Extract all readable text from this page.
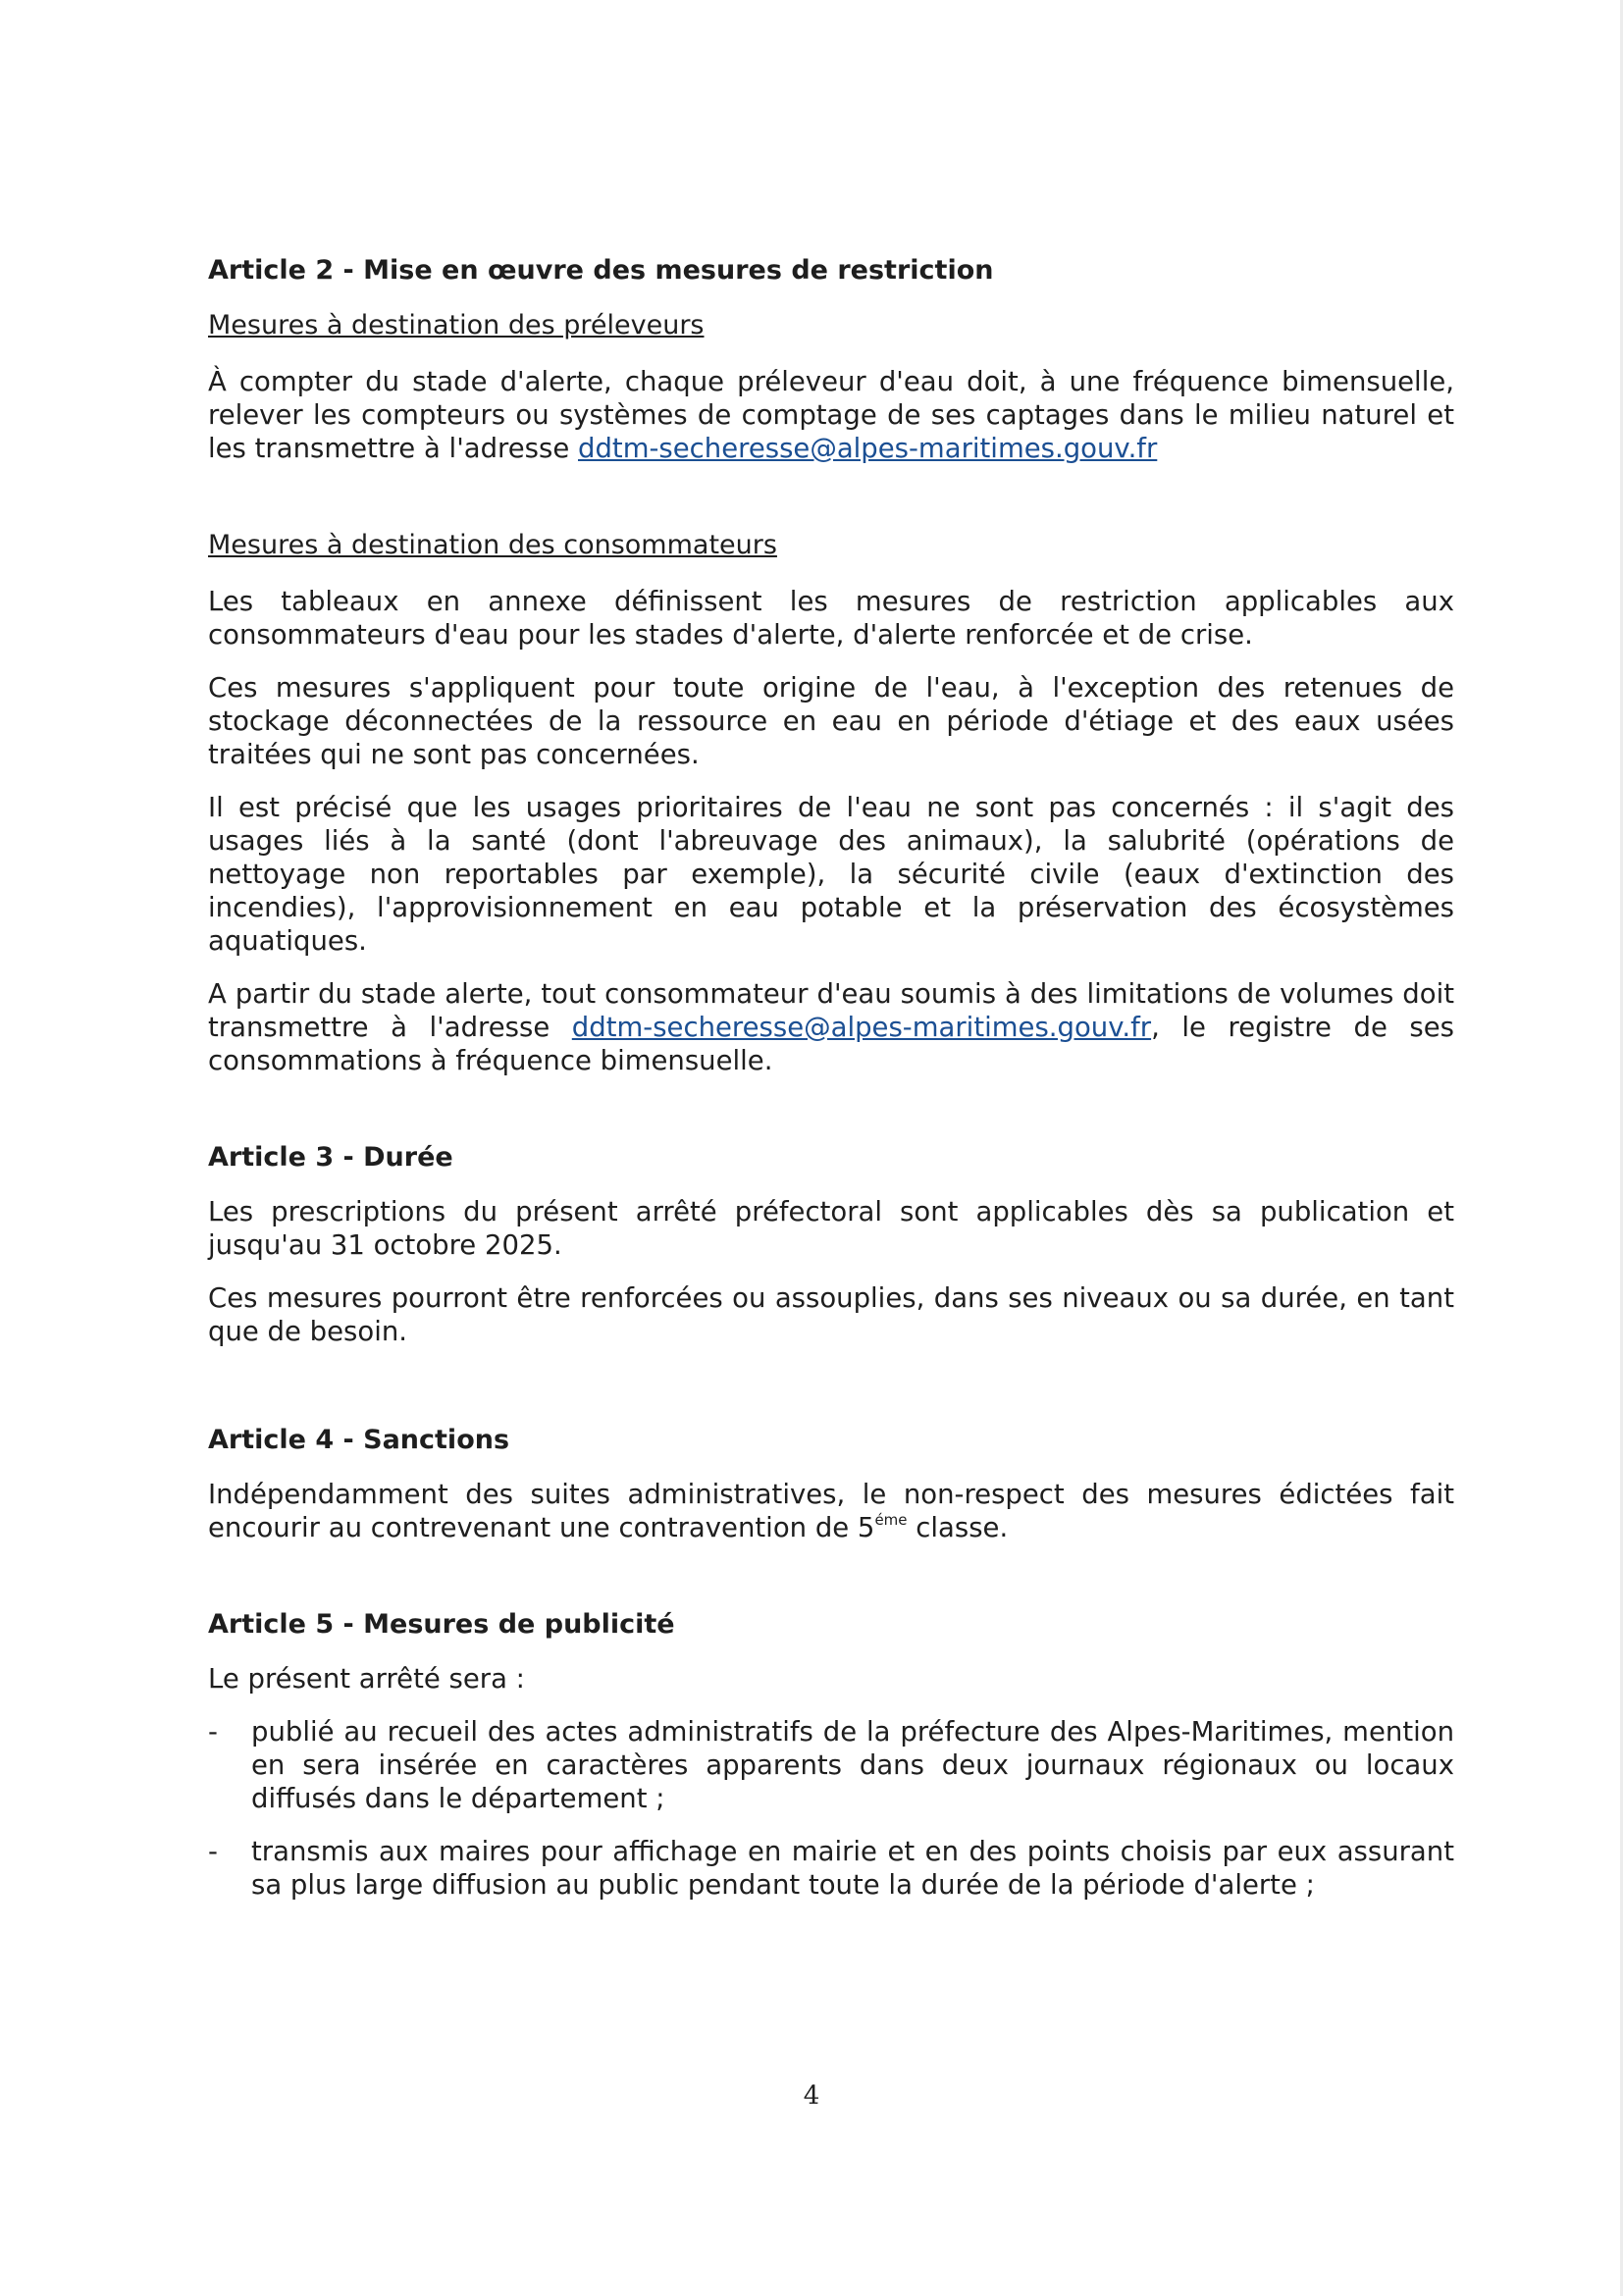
Article 2 - Mise en œuvre des mesures de restriction
Mesures à destination des préleveurs

À compter du stade d'alerte, chaque préleveur d'eau doit, à une fréquence bimensuelle, relever les compteurs ou systèmes de comptage de ses captages dans le milieu naturel et les transmettre à l'adresse ddtm-secheresse@alpes-maritimes.gouv.fr

Mesures à destination des consommateurs

Les tableaux en annexe définissent les mesures de restriction applicables aux consommateurs d'eau pour les stades d'alerte, d'alerte renforcée et de crise.

Ces mesures s'appliquent pour toute origine de l'eau, à l'exception des retenues de stockage déconnectées de la ressource en eau en période d'étiage et des eaux usées traitées qui ne sont pas concernées.

Il est précisé que les usages prioritaires de l'eau ne sont pas concernés : il s'agit des usages liés à la santé (dont l'abreuvage des animaux), la salubrité (opérations de nettoyage non reportables par exemple), la sécurité civile (eaux d'extinction des incendies), l'approvisionnement en eau potable et la préservation des écosystèmes aquatiques.

A partir du stade alerte, tout consommateur d'eau soumis à des limitations de volumes doit transmettre à l'adresse ddtm-secheresse@alpes-maritimes.gouv.fr, le registre de ses consommations à fréquence bimensuelle.

Article 3 - Durée

Les prescriptions du présent arrêté préfectoral sont applicables dès sa publication et jusqu'au 31 octobre 2025.

Ces mesures pourront être renforcées ou assouplies, dans ses niveaux ou sa durée, en tant que de besoin.

Article 4 - Sanctions

Indépendamment des suites administratives, le non-respect des mesures édictées fait encourir au contrevenant une contravention de $5^{éme}$ classe.

Article 5 - Mesures de publicité

Le présent arrêté sera :

- publié au recueil des actes administratifs de la préfecture des Alpes-Maritimes, mention en sera insérée en caractères apparents dans deux journaux régionaux ou locaux diffusés dans le département ;
- transmis aux maires pour affichage en mairie et en des points choisis par eux assurant sa plus large diffusion au public pendant toute la durée de la période d'alerte ;
4
